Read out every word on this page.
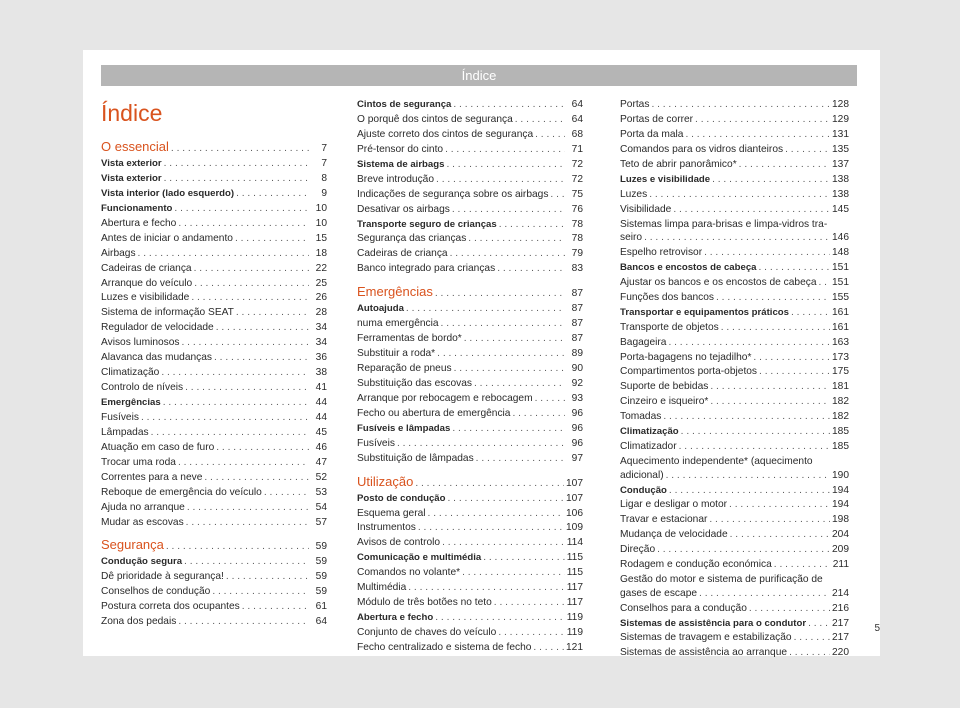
Índice
Índice
O essencial . . .	7
Vista exterior . . .	7
Vista exterior . . .	8
Vista interior (lado esquerdo) . . .	9
Funcionamento . . .	10
Abertura e fecho . . .	10
Antes de iniciar o andamento . . .	15
Airbags . . .	18
Cadeiras de criança . . .	22
Arranque do veículo . . .	25
Luzes e visibilidade . . .	26
Sistema de informação SEAT . . .	28
Regulador de velocidade . . .	34
Avisos luminosos . . .	34
Alavanca das mudanças . . .	36
Climatização . . .	38
Controlo de níveis . . .	41
Emergências . . .	44
Fusíveis . . .	44
Lâmpadas . . .	45
Atuação em caso de furo . . .	46
Trocar uma roda . . .	47
Correntes para a neve . . .	52
Reboque de emergência do veículo . . .	53
Ajuda no arranque . . .	54
Mudar as escovas . . .	57
Segurança . . .	59
Condução segura . . .	59
Dê prioridade à segurança! . . .	59
Conselhos de condução . . .	59
Postura correta dos ocupantes . . .	61
Zona dos pedais . . .	64
Cintos de segurança . . .	64
O porquê dos cintos de segurança . . .	64
Ajuste correto dos cintos de segurança . . .	68
Pré-tensor do cinto . . .	71
Sistema de airbags . . .	72
Breve introdução . . .	72
Indicações de segurança sobre os airbags . . .	75
Desativar os airbags . . .	76
Transporte seguro de crianças . . .	78
Segurança das crianças . . .	78
Cadeiras de criança . . .	79
Banco integrado para crianças . . .	83
Emergências . . .	87
Autoajuda . . .	87
numa emergência . . .	87
Ferramentas de bordo* . . .	87
Substituir a roda* . . .	89
Reparação de pneus . . .	90
Substituição das escovas . . .	92
Arranque por rebocagem e rebocagem . . .	93
Fecho ou abertura de emergência . . .	96
Fusíveis e lâmpadas . . .	96
Fusíveis . . .	96
Substituição de lâmpadas . . .	97
Utilização . . .	107
Posto de condução . . .	107
Esquema geral . . .	106
Instrumentos . . .	109
Avisos de controlo . . .	114
Comunicação e multimédia . . .	115
Comandos no volante* . . .	115
Multimédia . . .	117
Módulo de três botões no teto . . .	117
Abertura e fecho . . .	119
Conjunto de chaves do veículo . . .	119
Fecho centralizado e sistema de fecho . . .	121
Portas . . .	128
Portas de correr . . .	129
Porta da mala . . .	131
Comandos para os vidros dianteiros . . .	135
Teto de abrir panorâmico* . . .	137
Luzes e visibilidade . . .	138
Luzes . . .	138
Visibilidade . . .	145
Sistemas limpa para-brisas e limpa-vidros tra-
seiro . . .	146
Espelho retrovisor . . .	148
Bancos e encostos de cabeça . . .	151
Ajustar os bancos e os encostos de cabeça . . . 151
Funções dos bancos . . .	155
Transportar e equipamentos práticos . . .	161
Transporte de objetos . . .	161
Bagageira . . .	163
Porta-bagagens no tejadilho* . . .	173
Compartimentos porta-objetos . . .	175
Suporte de bebidas . . .	181
Cinzeiro e isqueiro* . . .	182
Tomadas . . .	182
Climatização . . .	185
Climatizador . . .	185
Aquecimento independente* (aquecimento
adicional) . . .	190
Condução . . .	194
Ligar e desligar o motor . . .	194
Travar e estacionar . . .	198
Mudança de velocidade . . .	204
Direção . . .	209
Rodagem e condução económica . . .	211
Gestão do motor e sistema de purificação de
gases de escape . . .	214
Conselhos para a condução . . .	216
Sistemas de assistência para o condutor . . .	217
Sistemas de travagem e estabilização . . .	217
Sistemas de assistência ao arranque . . .	220
5
